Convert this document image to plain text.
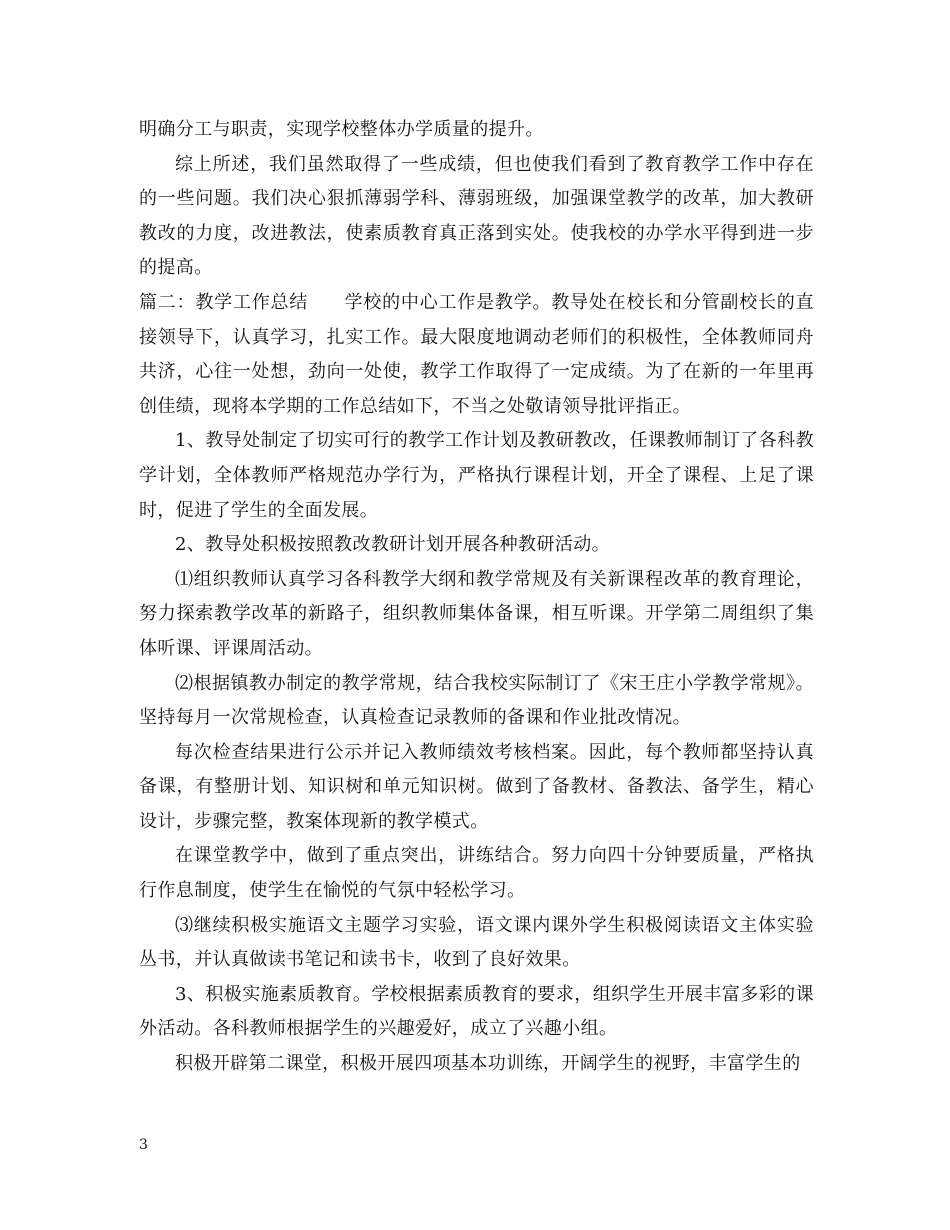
明确分工与职责，实现学校整体办学质量的提升。

综上所述，我们虽然取得了一些成绩，但也使我们看到了教育教学工作中存在的一些问题。我们决心狠抓薄弱学科、薄弱班级，加强课堂教学的改革，加大教研教改的力度，改进教法，使素质教育真正落到实处。使我校的办学水平得到进一步的提高。

篇二：教学工作总结 学校的中心工作是教学。教导处在校长和分管副校长的直接领导下，认真学习，扎实工作。最大限度地调动老师们的积极性，全体教师同舟共济，心往一处想，劲向一处使，教学工作取得了一定成绩。为了在新的一年里再创佳绩，现将本学期的工作总结如下，不当之处敬请领导批评指正。

1、教导处制定了切实可行的教学工作计划及教研教改，任课教师制订了各科教学计划，全体教师严格规范办学行为，严格执行课程计划，开全了课程、上足了课时，促进了学生的全面发展。

2、教导处积极按照教改教研计划开展各种教研活动。

⑴组织教师认真学习各科教学大纲和教学常规及有关新课程改革的教育理论，努力探索教学改革的新路子，组织教师集体备课，相互听课。开学第二周组织了集体听课、评课周活动。

⑵根据镇教办制定的教学常规，结合我校实际制订了《宋王庄小学教学常规》。坚持每月一次常规检查，认真检查记录教师的备课和作业批改情况。

每次检查结果进行公示并记入教师绩效考核档案。因此，每个教师都坚持认真备课，有整册计划、知识树和单元知识树。做到了备教材、备教法、备学生，精心设计，步骤完整，教案体现新的教学模式。

在课堂教学中，做到了重点突出，讲练结合。努力向四十分钟要质量，严格执行作息制度，使学生在愉悦的气氛中轻松学习。

⑶继续积极实施语文主题学习实验，语文课内课外学生积极阅读语文主体实验丛书，并认真做读书笔记和读书卡，收到了良好效果。

3、积极实施素质教育。学校根据素质教育的要求，组织学生开展丰富多彩的课外活动。各科教师根据学生的兴趣爱好，成立了兴趣小组。

积极开辟第二课堂，积极开展四项基本功训练，开阔学生的视野，丰富学生的

3
